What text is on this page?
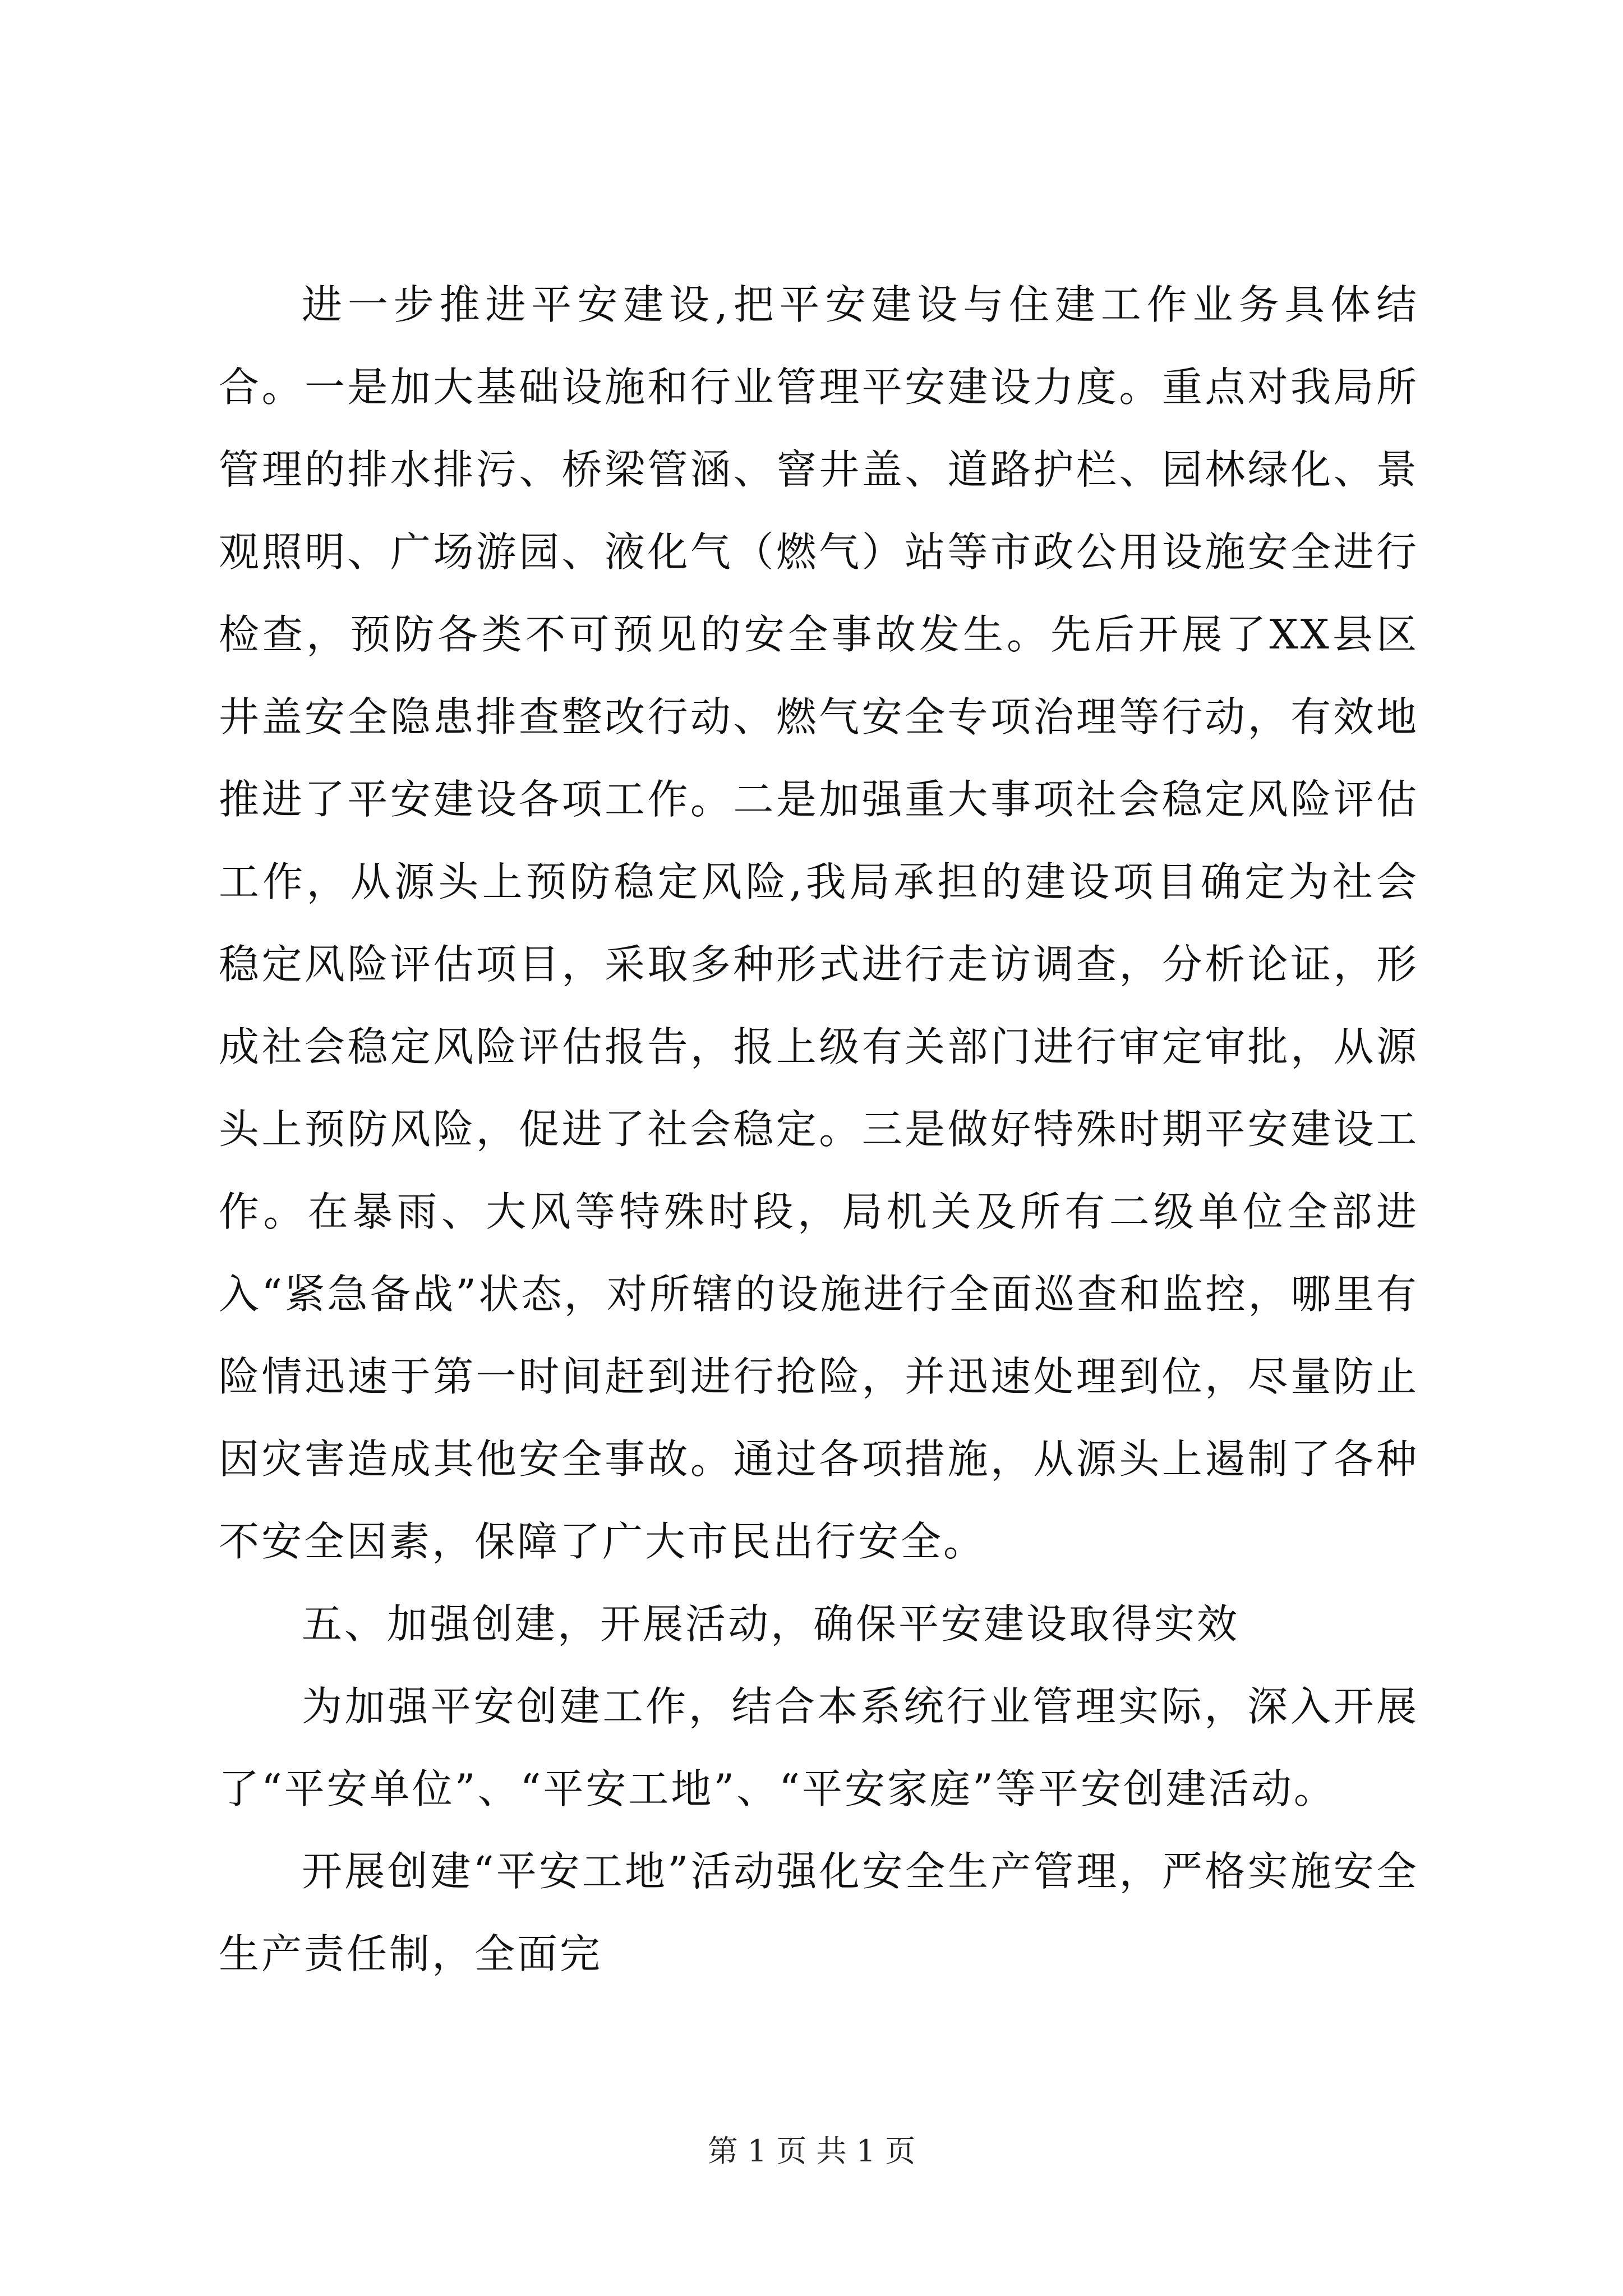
进一步推进平安建设,把平安建设与住建工作业务具体结合。一是加大基础设施和行业管理平安建设力度。重点对我局所管理的排水排污、桥梁管涵、窨井盖、道路护栏、园林绿化、景观照明、广场游园、液化气（燃气）站等市政公用设施安全进行检查，预防各类不可预见的安全事故发生。先后开展了XX县区井盖安全隐患排查整改行动、燃气安全专项治理等行动，有效地推进了平安建设各项工作。二是加强重大事项社会稳定风险评估工作，从源头上预防稳定风险,我局承担的建设项目确定为社会稳定风险评估项目，采取多种形式进行走访调查，分析论证，形成社会稳定风险评估报告，报上级有关部门进行审定审批，从源头上预防风险，促进了社会稳定。三是做好特殊时期平安建设工作。在暴雨、大风等特殊时段，局机关及所有二级单位全部进入“紧急备战”状态，对所辖的设施进行全面巡查和监控，哪里有险情迅速于第一时间赶到进行抢险，并迅速处理到位，尽量防止因灾害造成其他安全事故。通过各项措施，从源头上遏制了各种不安全因素，保障了广大市民出行安全。

五、加强创建，开展活动，确保平安建设取得实效

为加强平安创建工作，结合本系统行业管理实际，深入开展了“平安单位”、“平安工地”、“平安家庭”等平安创建活动。

开展创建“平安工地”活动强化安全生产管理，严格实施安全生产责任制，全面完

第 1 页 共 1 页
